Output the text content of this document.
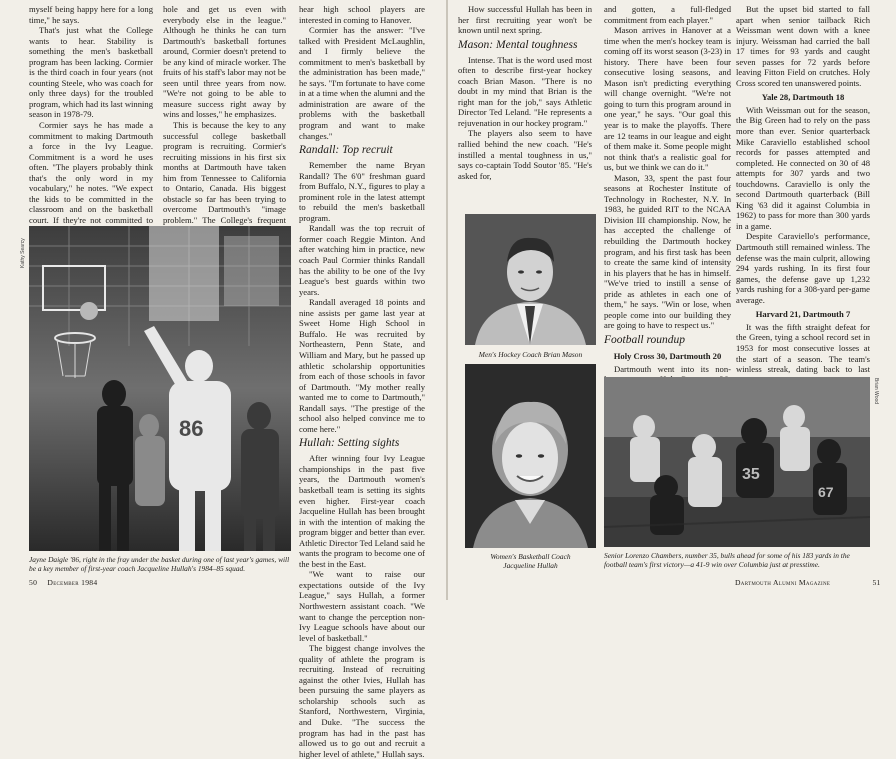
myself being happy here for a long time," he says.

That's just what the College wants to hear. Stability is something the men's basketball program has been lacking. Cormier is the third coach in four years (not counting Steele, who was coach for only three days) for the troubled program, which had its last winning season in 1978-79.

Cormier says he has made a commitment to making Dartmouth a force in the Ivy League. Commitment is a word he uses often. "The players probably think that's the only word in my vocabulary," he notes. "We expect the kids to be committed in the classroom and on the basketball court. If they're not committed to

hole and get us even with everybody else in the league." Although he thinks he can turn Dartmouth's basketball fortunes around, Cormier doesn't pretend to be any kind of miracle worker. The fruits of his staff's labor may not be seen until three years from now. "We're not going to be able to measure success right away by wins and losses," he emphasizes.

This is because the key to any successful college basketball program is recruiting. Cormier's recruiting missions in his first six months at Dartmouth have taken him from Tennessee to California to Ontario, Canada. His biggest obstacle so far has been trying to overcome Dartmouth's "image problem." The College's frequent

hear high school players are interested in coming to Hanover.

Cormier has the answer: "I've talked with President McLaughlin, and I firmly believe the commitment to men's basketball by the administration has been made," he says. "I'm fortunate to have come in at a time when the alumni and the administration are aware of the problems with the basketball program and want to make changes."

Randall: Top recruit

Remember the name Bryan Randall? The 6'0" freshman guard from Buffalo, N.Y., figures to play a prominent role in the latest attempt to rebuild the men's basketball program.

Randall was the top recruit of former coach Reggie Minton. And after watching him in practice, new coach Paul Cormier thinks Randall has the ability to be one of the Ivy League's best guards within two years.

Randall averaged 18 points and nine assists per game last year at Sweet Home High School in Buffalo. He was recruited by Northeastern, Penn State, and William and Mary, but he passed up athletic scholarship opportunities from each of those schools in favor of Dartmouth. "My mother really wanted me to come to Dartmouth," Randall says. "The prestige of the school also helped convince me to come here."

Hullah: Setting sights

After winning four Ivy League championships in the past five years, the Dartmouth women's basketball team is setting its sights even higher. First-year coach Jacqueline Hullah has been brought in with the intention of making the program bigger and better than ever. Athletic Director Ted Leland said he wants the program to become one of the best in the East.

"We want to raise our expectations outside of the Ivy League," says Hullah, a former Northwestern assistant coach. "We want to change the perception non-Ivy League schools have about our level of basketball."

The biggest change involves the quality of athlete the program is recruiting. Instead of recruiting against the other Ivies, Hullah has been pursuing the same players as scholarship schools such as Stanford, Northwestern, Virginia, and Duke. "The success the program has had in the past has allowed us to go out and recruit a higher level of athlete," Hullah says.

86
Kathy Searcy
Jayne Daigle '86, right in the fray under the basket during one of last year's games, will be a key member of first-year coach Jacqueline Hullah's 1984–85 squad.
50 December 1984

How successful Hullah has been in her first recruiting year won't be known until next spring.

Mason: Mental toughness

Intense. That is the word used most often to describe first-year hockey coach Brian Mason. "There is no doubt in my mind that Brian is the right man for the job," says Athletic Director Ted Leland. "He represents a rejuvenation in our hockey program."

The players also seem to have rallied behind the new coach. "He's instilled a mental toughness in us," says co-captain Todd Soutor '85. "He's asked for,

Men's Hockey Coach Brian Mason
Women's Basketball Coach
Jacqueline Hullah

and gotten, a full-fledged commitment from each player."

Mason arrives in Hanover at a time when the men's hockey team is coming off its worst season (3-23) in history. There have been four consecutive losing seasons, and Mason isn't predicting everything will change overnight. "We're not going to turn this program around in one year," he says. "Our goal this year is to make the playoffs. There are 12 teams in our league and eight of them make it. Some people might not think that's a realistic goal for us, but we think we can do it."

Mason, 33, spent the past four seasons at Rochester Institute of Technology in Rochester, N.Y. In 1983, he guided RIT to the NCAA Division III championship. Now, he has accepted the challenge of rebuilding the Dartmouth hockey program, and his first task has been to create the same kind of intensity in his players that he has in himself. "We've tried to instill a sense of pride as athletes in each one of them," he says. "Win or lose, when people come into our building they are going to have to respect us."

Football roundup
Holy Cross 30, Dartmouth 20

Dartmouth went into its non-

But the upset bid started to fall apart when senior tailback Rich Weissman went down with a knee injury. Weissman had carried the ball 17 times for 93 yards and caught seven passes for 72 yards before leaving Fitton Field on crutches. Holy Cross scored ten unanswered points.

Yale 28, Dartmouth 18

With Weissman out for the season, the Big Green had to rely on the pass more than ever. Senior quarterback Mike Caraviello established school records for passes attempted and completed. He connected on 30 of 48 attempts for 307 yards and two touchdowns. Caraviello is only the second Dartmouth quarterback (Bill King '63 did it against Columbia in 1962) to pass for more than 300 yards in a game.

Despite Caraviello's performance, Dartmouth still remained winless. The defense was the main culprit, allowing 294 yards rushing. In its first four games, the defense gave up 1,232 yards rushing for a 308-yard per-game average.

Harvard 21, Dartmouth 7

It was the fifth straight defeat for the Green, tying a school record set in 1953 for most consecutive losses at the start of a season. The team's winless streak, dating back to last

35
67
Brian Wood
Senior Lorenzo Chambers, number 35, bulls ahead for some of his 183 yards in the football team's first victory—a 41-9 win over Columbia just at presstime.
Dartmouth Alumni Magazine	51
